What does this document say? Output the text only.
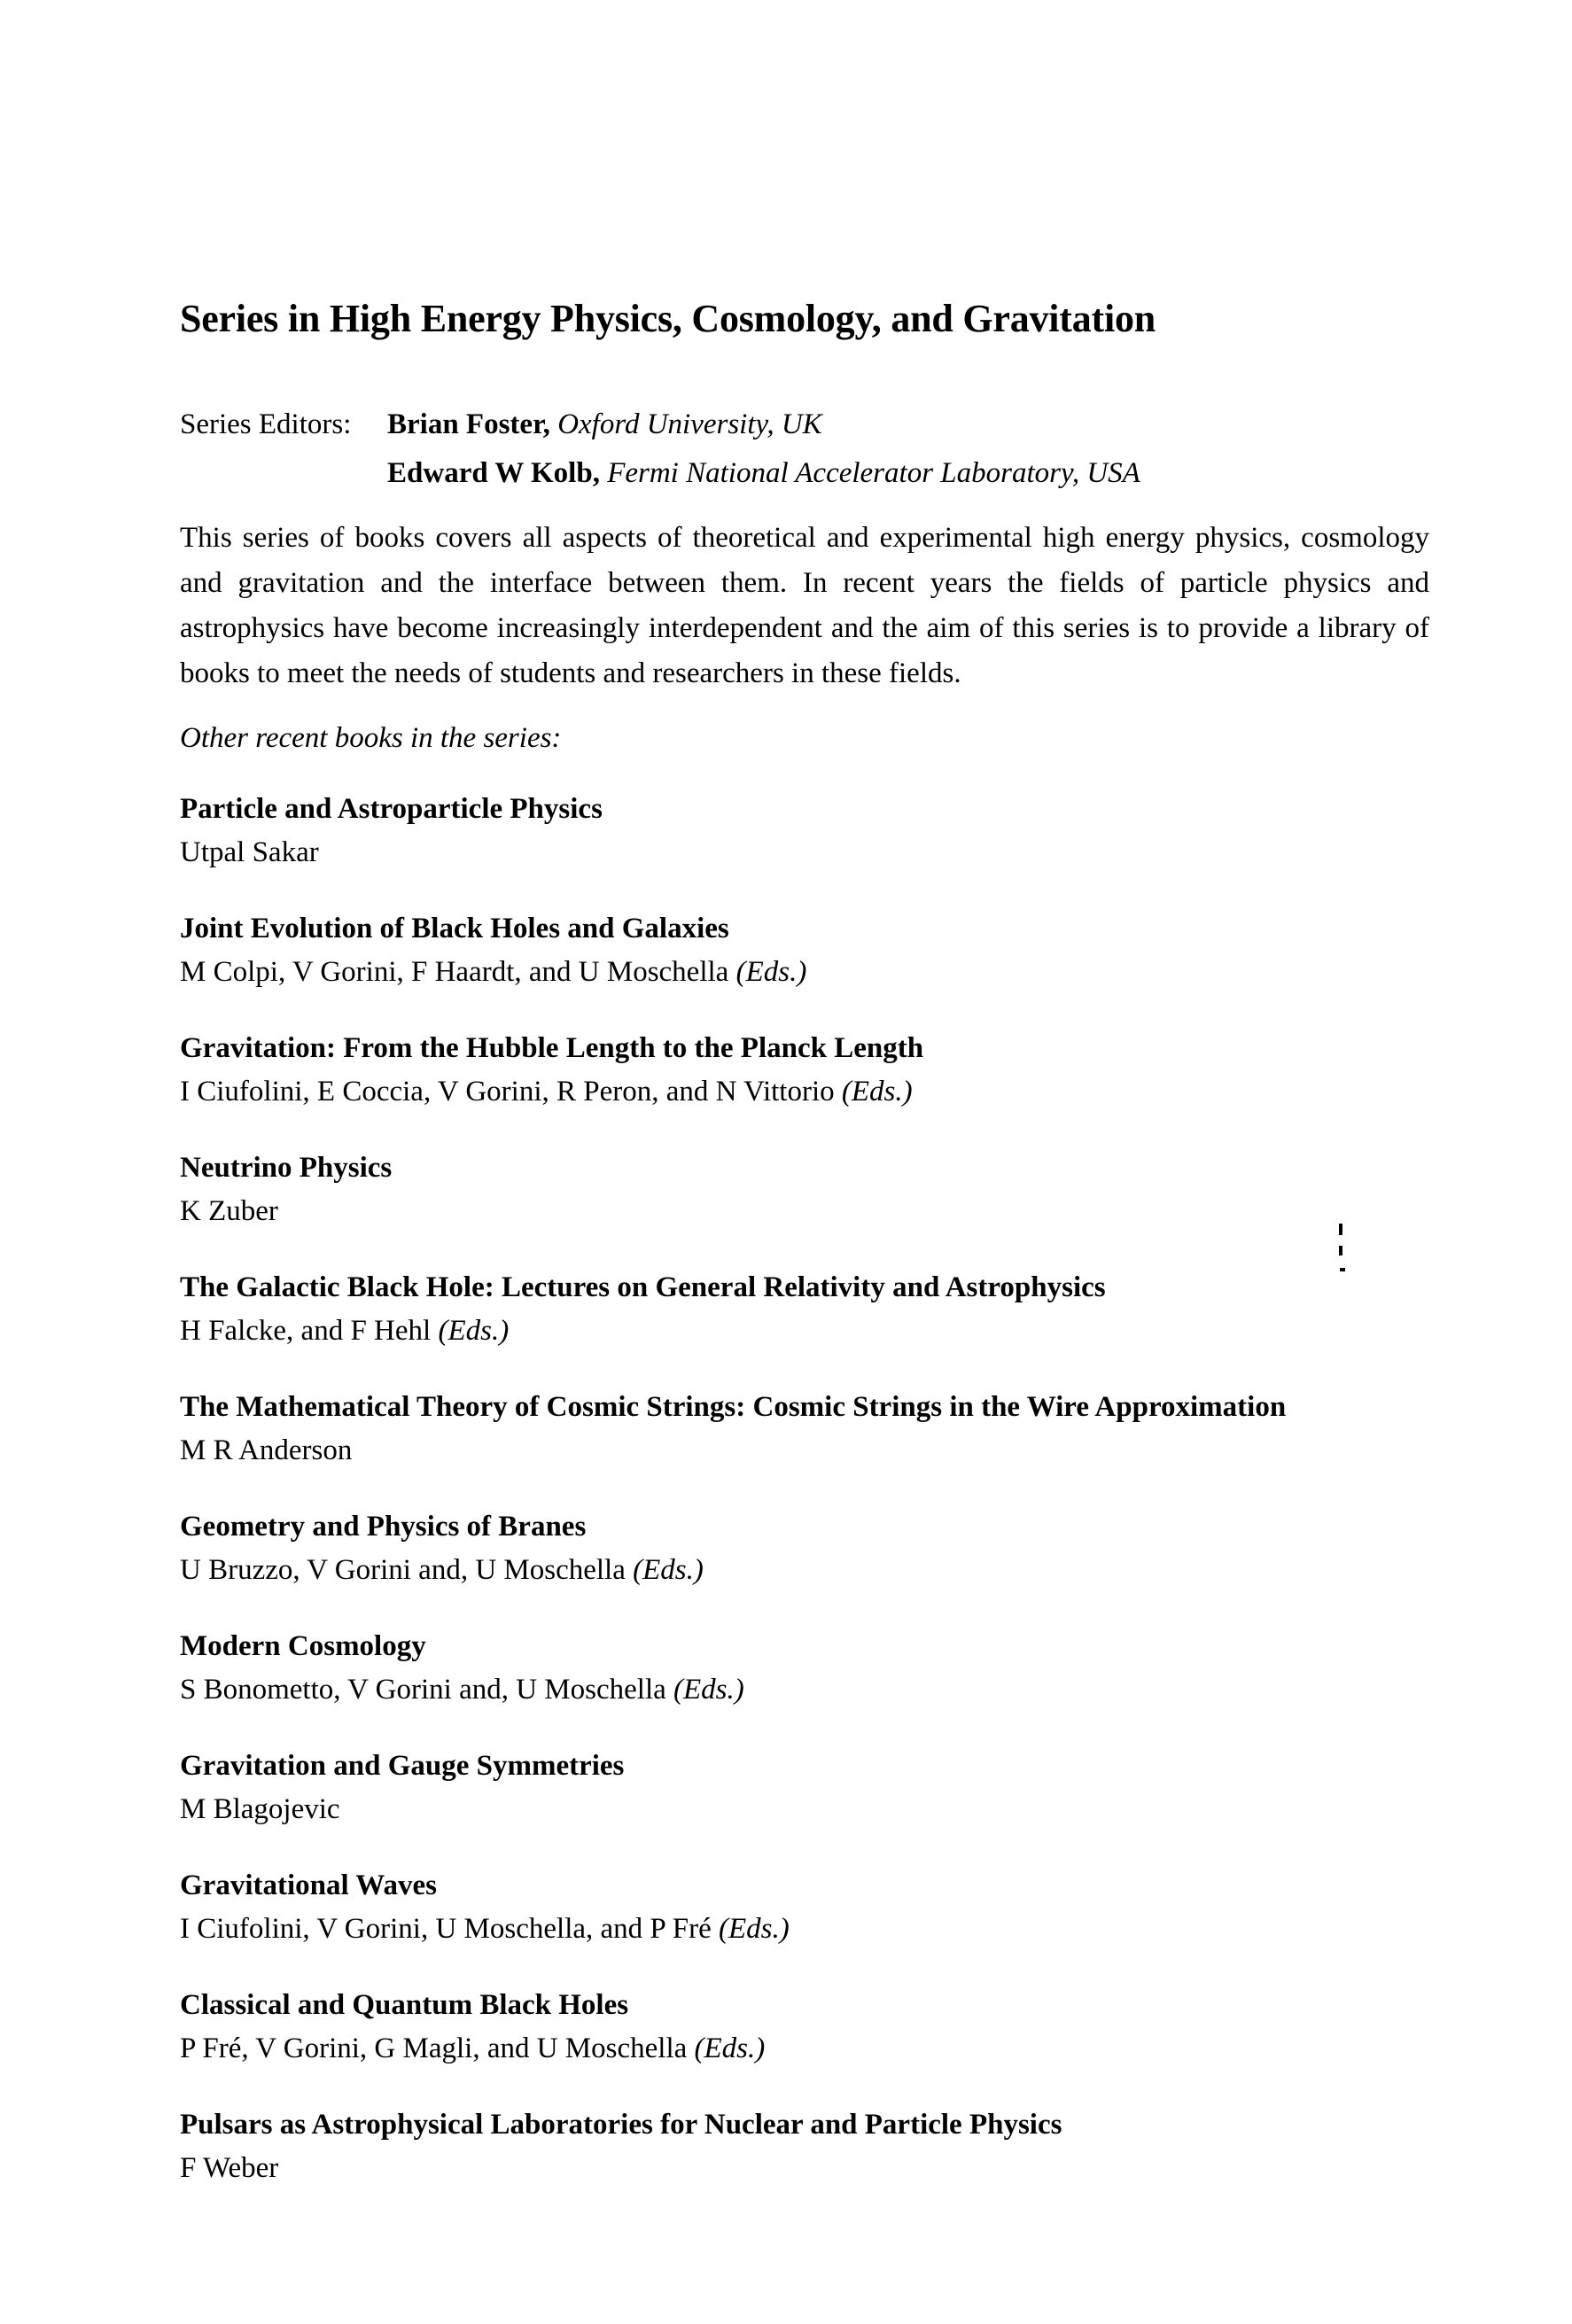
Series in High Energy Physics, Cosmology, and Gravitation
Series Editors: Brian Foster, Oxford University, UK
Edward W Kolb, Fermi National Accelerator Laboratory, USA

This series of books covers all aspects of theoretical and experimental high energy physics, cosmology and gravitation and the interface between them. In recent years the fields of particle physics and astrophysics have become increasingly interdependent and the aim of this series is to provide a library of books to meet the needs of students and researchers in these fields.

Other recent books in the series:

Particle and Astroparticle Physics
Utpal Sakar
Joint Evolution of Black Holes and Galaxies
M Colpi, V Gorini, F Haardt, and U Moschella (Eds.)
Gravitation: From the Hubble Length to the Planck Length
I Ciufolini, E Coccia, V Gorini, R Peron, and N Vittorio (Eds.)
Neutrino Physics
K Zuber
The Galactic Black Hole: Lectures on General Relativity and Astrophysics
H Falcke, and F Hehl (Eds.)
The Mathematical Theory of Cosmic Strings: Cosmic Strings in the Wire Approximation
M R Anderson
Geometry and Physics of Branes
U Bruzzo, V Gorini and, U Moschella (Eds.)
Modern Cosmology
S Bonometto, V Gorini and, U Moschella (Eds.)
Gravitation and Gauge Symmetries
M Blagojevic
Gravitational Waves
I Ciufolini, V Gorini, U Moschella, and P Fré (Eds.)
Classical and Quantum Black Holes
P Fré, V Gorini, G Magli, and U Moschella (Eds.)
Pulsars as Astrophysical Laboratories for Nuclear and Particle Physics
F Weber
